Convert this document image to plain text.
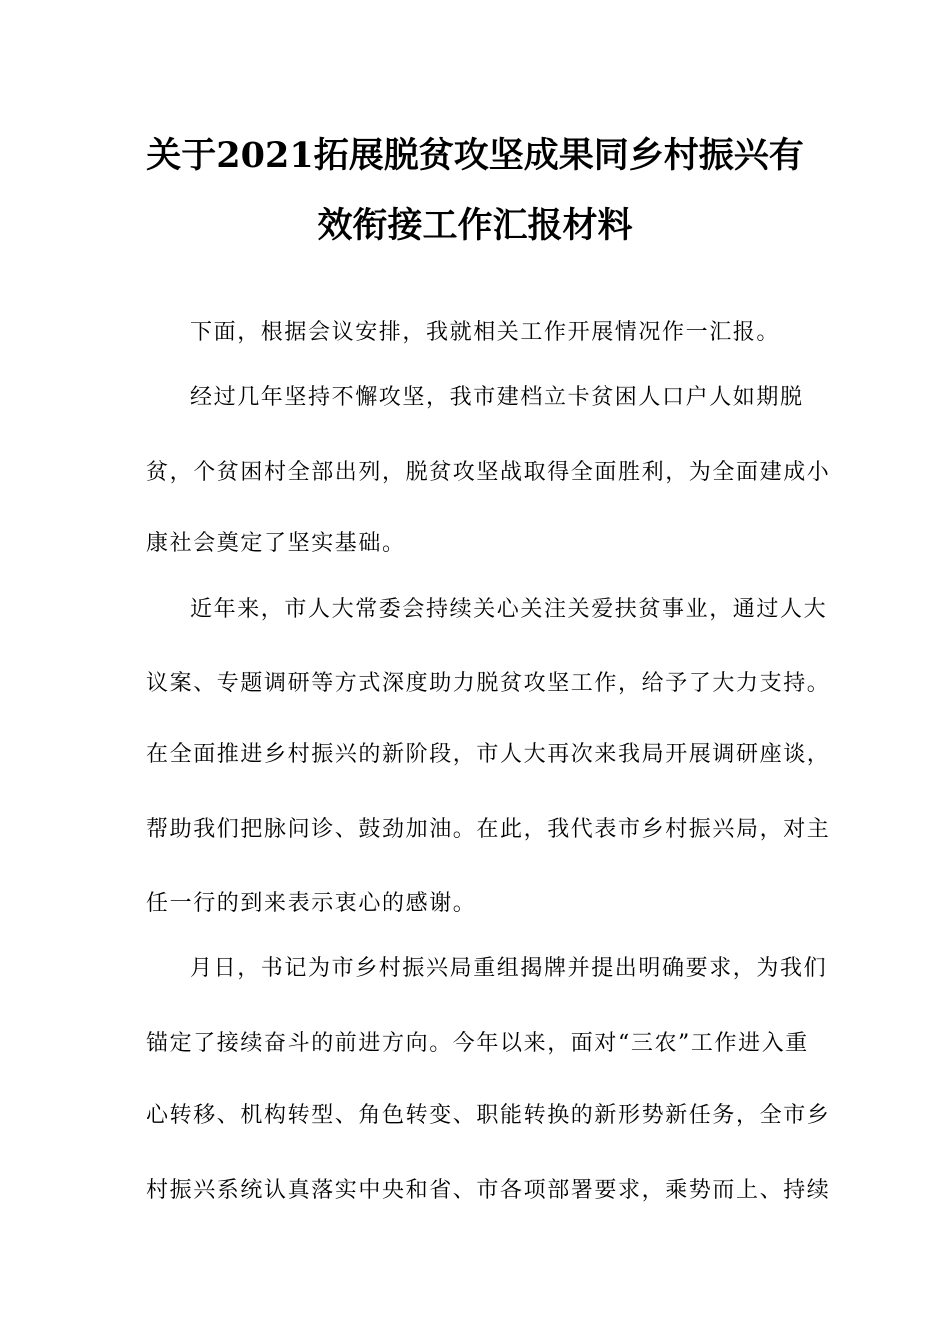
关于2021拓展脱贫攻坚成果同乡村振兴有
效衔接工作汇报材料
下面，根据会议安排，我就相关工作开展情况作一汇报。
经过几年坚持不懈攻坚，我市建档立卡贫困人口户人如期脱
贫，个贫困村全部出列，脱贫攻坚战取得全面胜利，为全面建成小
康社会奠定了坚实基础。
近年来，市人大常委会持续关心关注关爱扶贫事业，通过人大
议案、专题调研等方式深度助力脱贫攻坚工作，给予了大力支持。
在全面推进乡村振兴的新阶段，市人大再次来我局开展调研座谈，
帮助我们把脉问诊、鼓劲加油。在此，我代表市乡村振兴局，对主
任一行的到来表示衷心的感谢。
月日，书记为市乡村振兴局重组揭牌并提出明确要求，为我们
锚定了接续奋斗的前进方向。今年以来，面对“三农”工作进入重
心转移、机构转型、角色转变、职能转换的新形势新任务，全市乡
村振兴系统认真落实中央和省、市各项部署要求，乘势而上、持续
